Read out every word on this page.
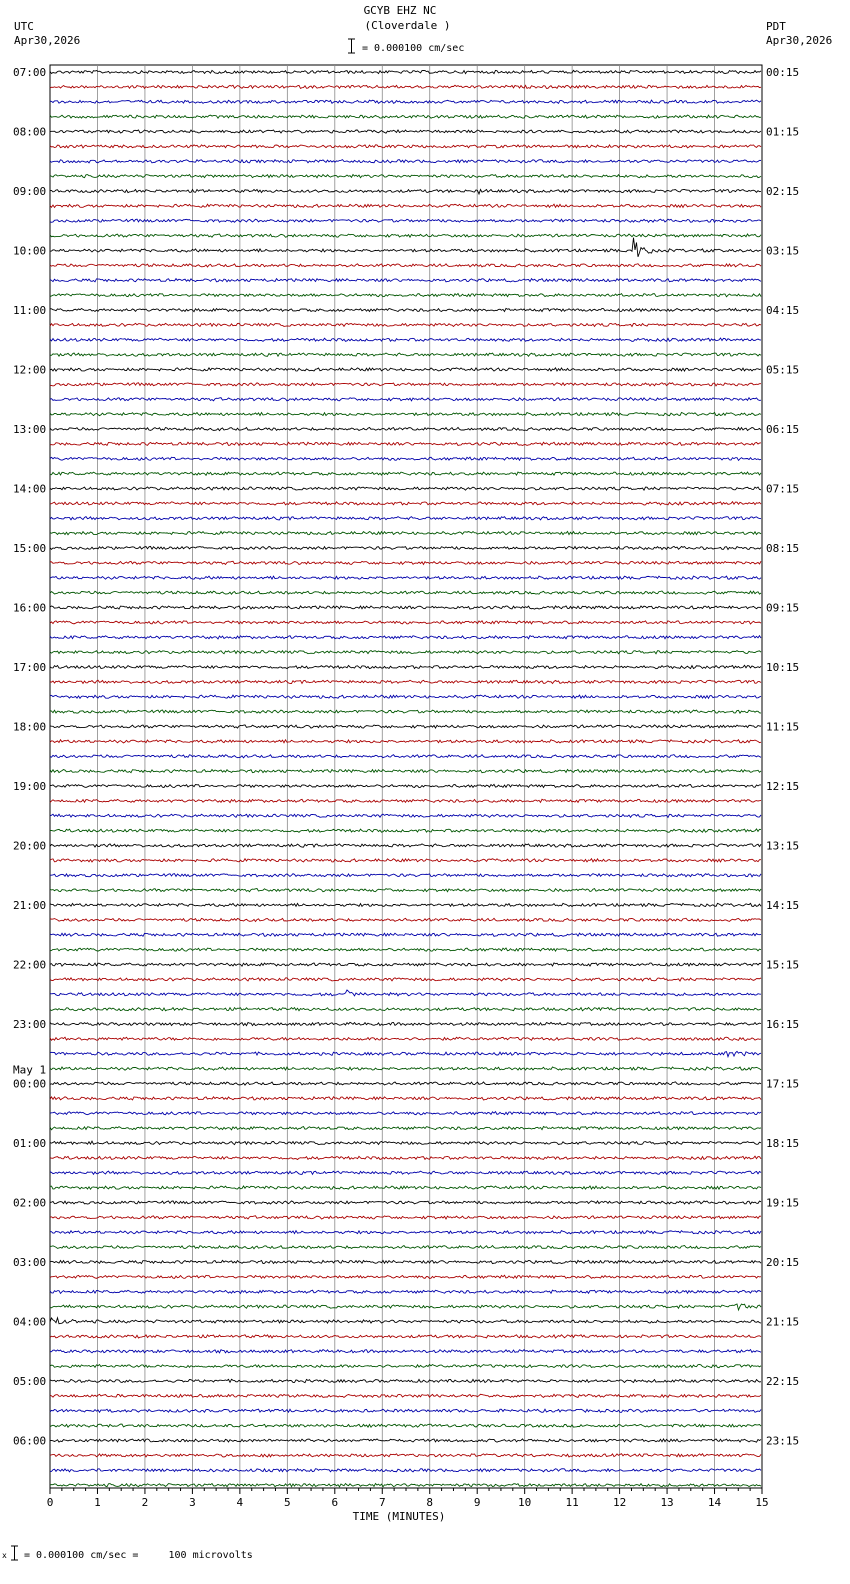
0	1	2	3	4	5	6	7	8	9	10	11	12	13	14	15
TIME (MINUTES)
07:00	00:15
08:00	01:15
09:00	02:15
10:00	03:15
11:00	04:15
12:00	05:15
13:00	06:15
14:00	07:15
15:00	08:15
16:00	09:15
17:00	10:15
18:00	11:15
19:00	12:15
20:00	13:15
21:00	14:15
22:00	15:15
23:00	16:15
00:00	17:15
01:00	18:15
02:00	19:15
03:00	20:15
04:00	21:15
05:00	22:15
06:00	23:15
May 1
GCYB EHZ NC
(Cloverdale )
UTC
Apr30,2026
PDT
Apr30,2026
= 0.000100 cm/sec
x = 0.000100 cm/sec =     100 microvolts
